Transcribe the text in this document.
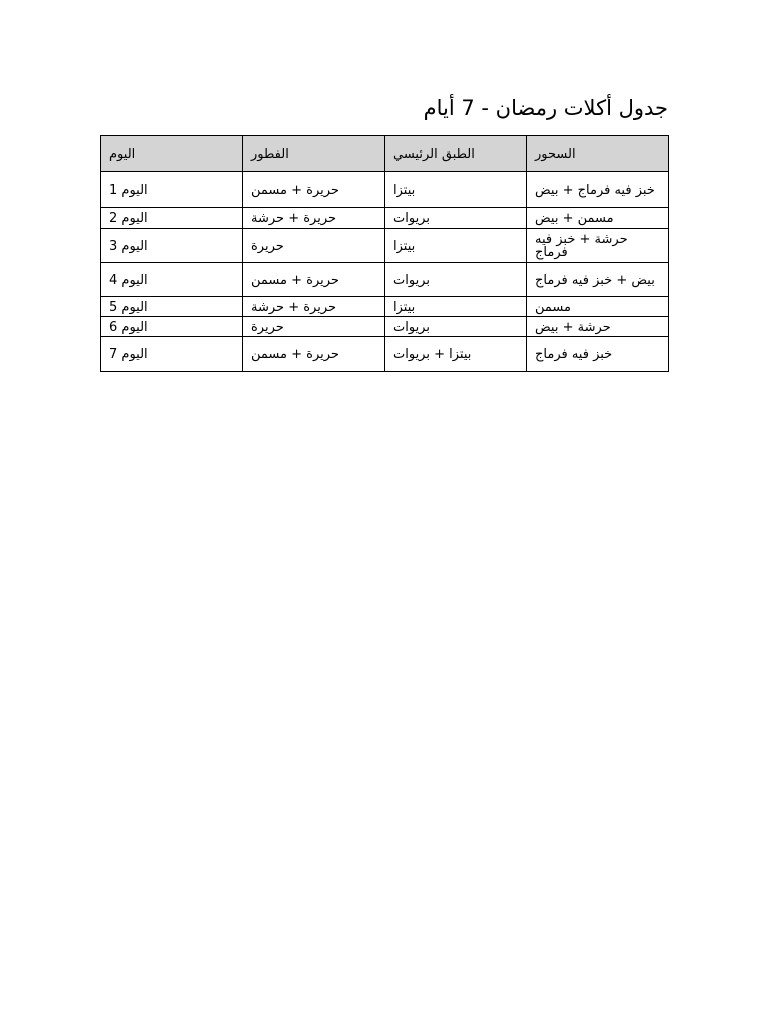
جدول أكلات رمضان - 7 أيام
اليوم	الفطور	الطبق الرئيسي	السحور
اليوم 1	حريرة + مسمن	بيتزا	خبز فيه فرماج + بيض
اليوم 2	حريرة + حرشة	بريوات	مسمن + بيض
اليوم 3	حريرة	بيتزا	حرشة + خبز فيه فرماج
اليوم 4	حريرة + مسمن	بريوات	بيض + خبز فيه فرماج
اليوم 5	حريرة + حرشة	بيتزا	مسمن
اليوم 6	حريرة	بريوات	حرشة + بيض
اليوم 7	حريرة + مسمن	بيتزا + بريوات	خبز فيه فرماج
